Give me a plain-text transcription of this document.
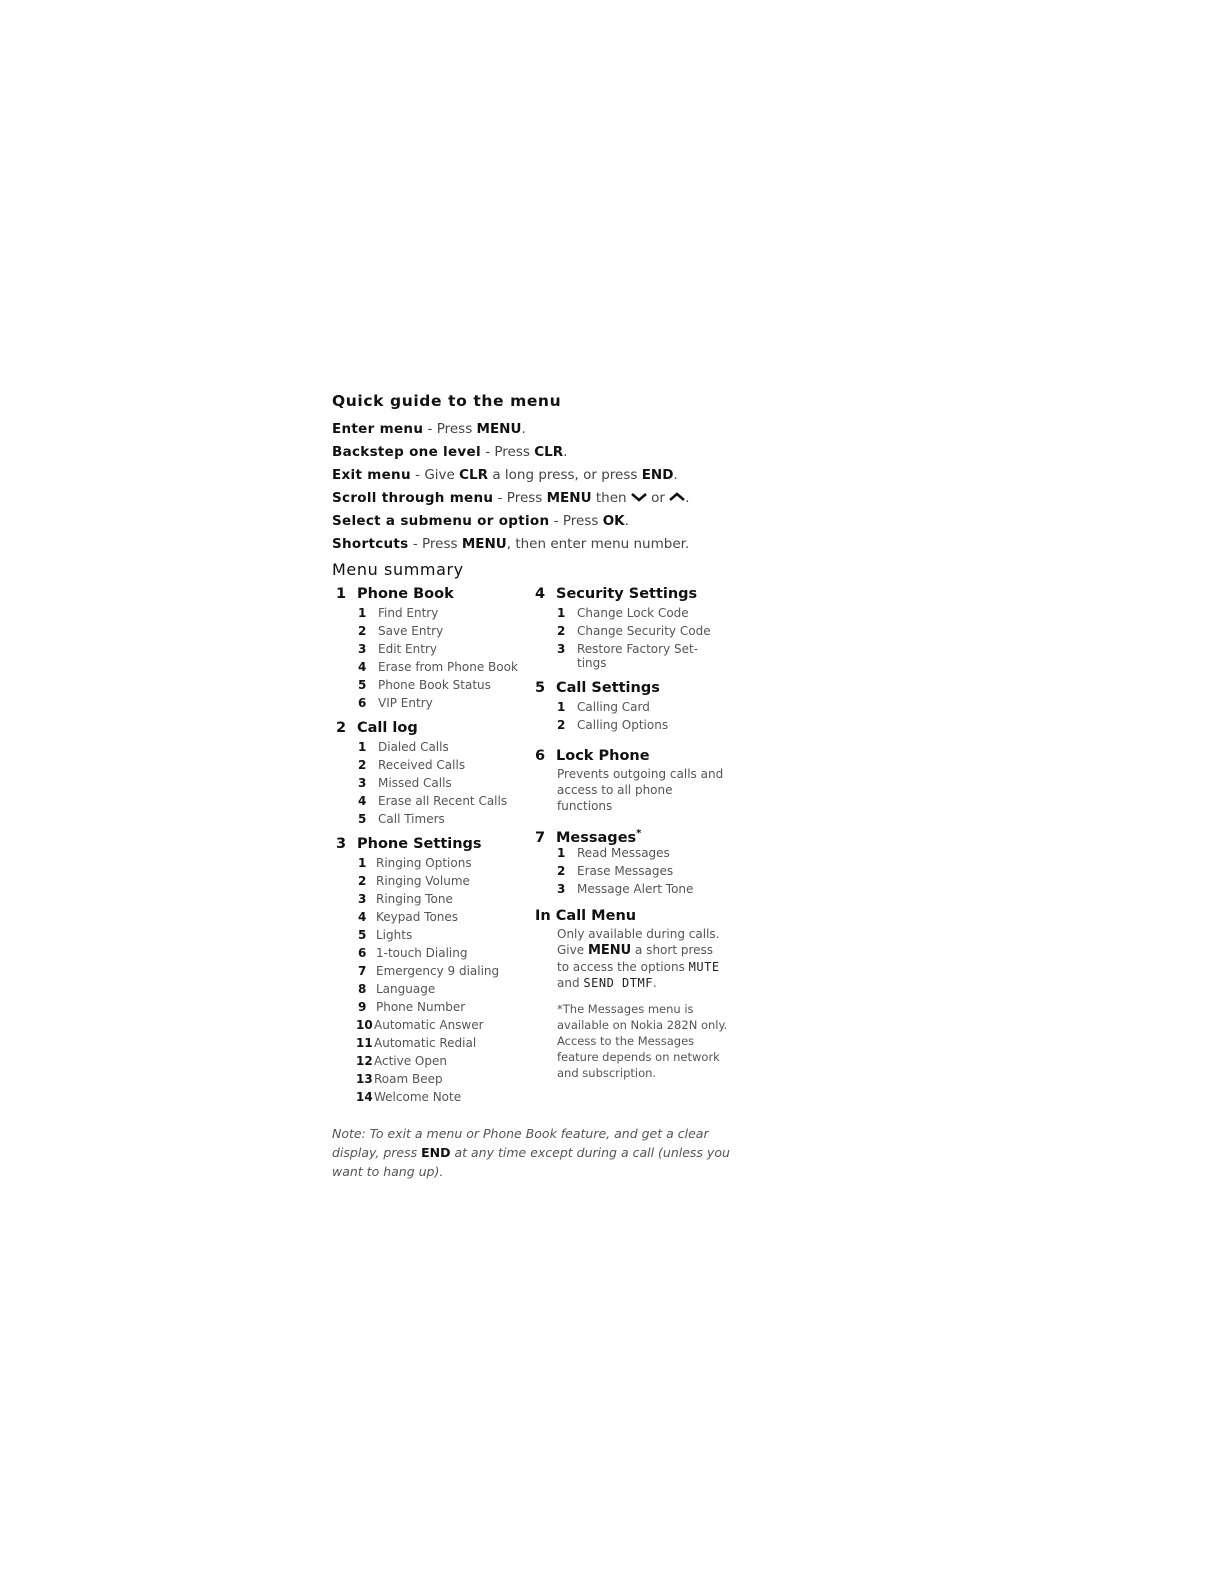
Quick guide to the menu
Enter menu - Press MENU.
Backstep one level - Press CLR.
Exit menu - Give CLR a long press, or press END.
Scroll through menu - Press MENU then  or .
Select a submenu or option - Press OK.
Shortcuts - Press MENU, then enter menu number.
Menu summary
1 Phone Book
1 Find Entry
2 Save Entry
3 Edit Entry
4 Erase from Phone Book
5 Phone Book Status
6 VIP Entry
2 Call log
1 Dialed Calls
2 Received Calls
3 Missed Calls
4 Erase all Recent Calls
5 Call Timers
3 Phone Settings
1 Ringing Options
2 Ringing Volume
3 Ringing Tone
4 Keypad Tones
5 Lights
6 1-touch Dialing
7 Emergency 9 dialing
8 Language
9 Phone Number
10Automatic Answer
11Automatic Redial
12Active Open
13Roam Beep
14Welcome Note
4 Security Settings
1 Change Lock Code
2 Change Security Code
3 Restore Factory Set-
tings
5 Call Settings
1 Calling Card
2 Calling Options
6 Lock Phone
Prevents outgoing calls and access to all phone functions
7 Messages*
1 Read Messages
2 Erase Messages
3 Message Alert Tone
In Call Menu
Only available during calls. Give MENU a short press to access the options MUTE and SEND DTMF.
*The Messages menu is available on Nokia 282N only. Access to the Messages feature depends on network and subscription.
Note: To exit a menu or Phone Book feature, and get a clear display, press END at any time except during a call (unless you want to hang up).
